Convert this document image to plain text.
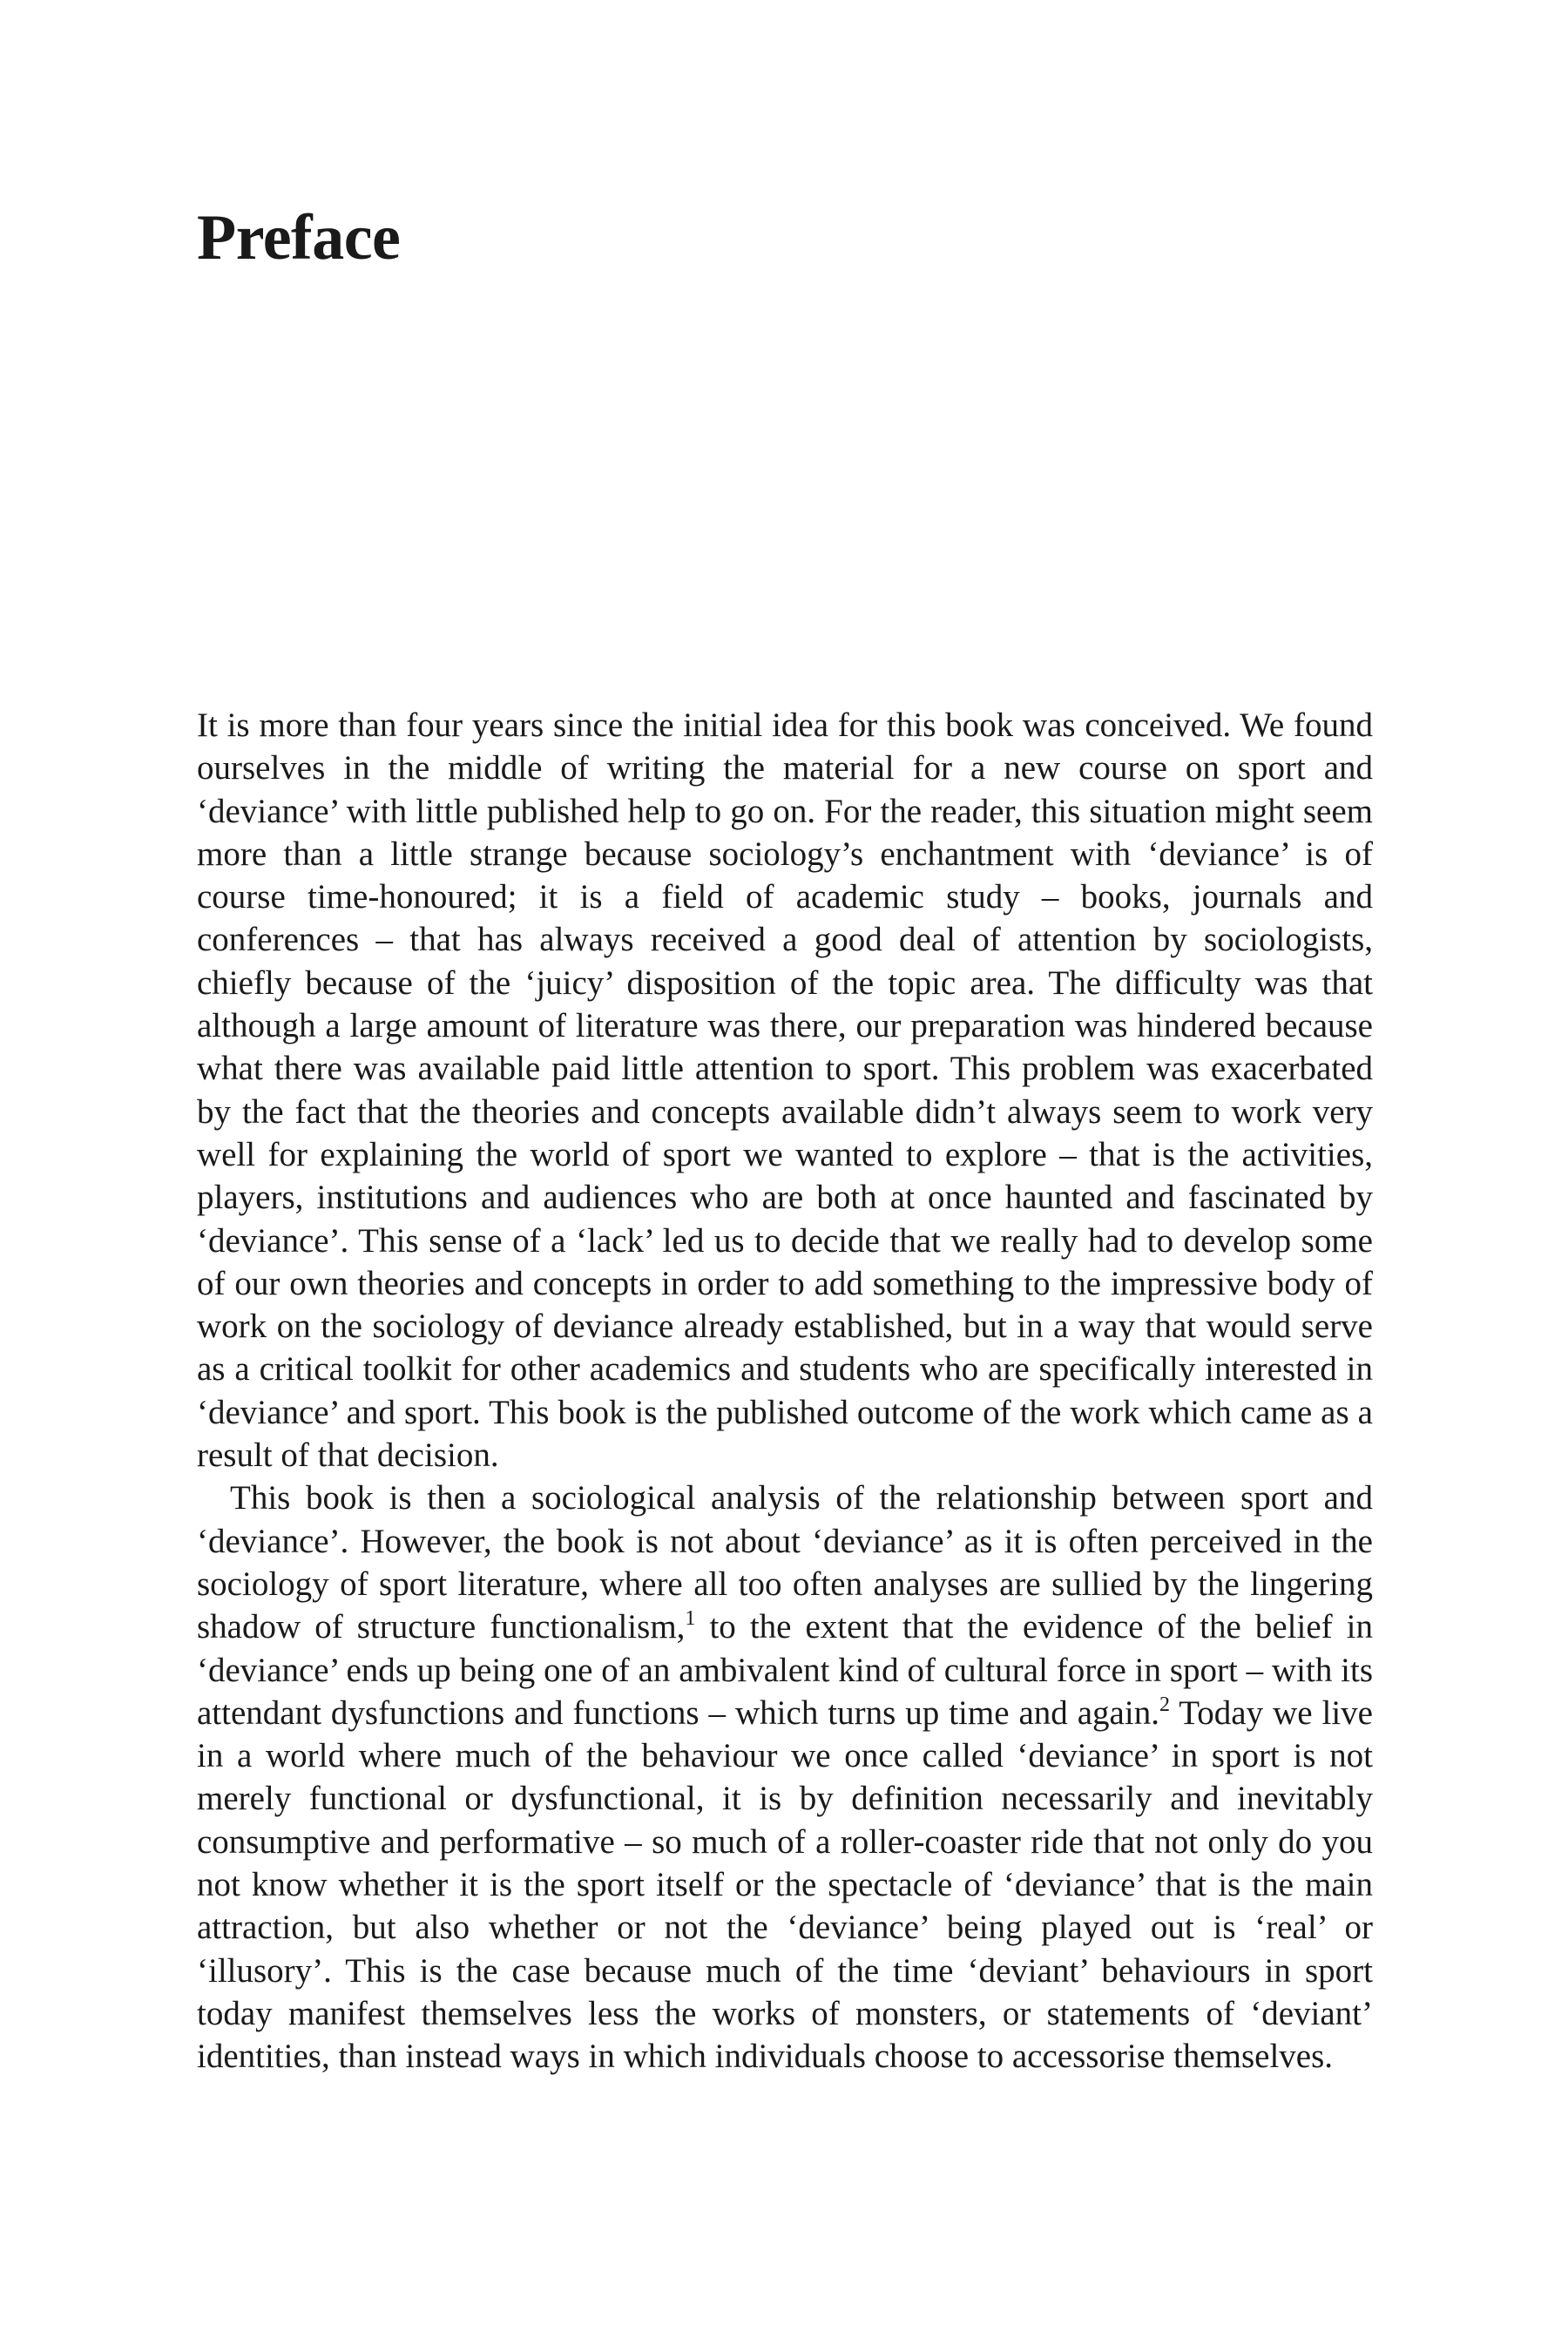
Preface

It is more than four years since the initial idea for this book was conceived. We found ourselves in the middle of writing the material for a new course on sport and ‘deviance’ with little published help to go on. For the reader, this situation might seem more than a little strange because sociology’s enchantment with ‘deviance’ is of course time-honoured; it is a field of academic study – books, journals and conferences – that has always received a good deal of attention by sociologists, chiefly because of the ‘juicy’ disposition of the topic area. The difficulty was that although a large amount of literature was there, our preparation was hindered because what there was available paid little attention to sport. This problem was exacerbated by the fact that the theories and concepts available didn’t always seem to work very well for explaining the world of sport we wanted to explore – that is the activities, players, institutions and audiences who are both at once haunted and fascinated by ‘deviance’. This sense of a ‘lack’ led us to decide that we really had to develop some of our own theories and concepts in order to add something to the impressive body of work on the sociology of deviance already established, but in a way that would serve as a critical toolkit for other academics and students who are specifically interested in ‘deviance’ and sport. This book is the published outcome of the work which came as a result of that decision.

This book is then a sociological analysis of the relationship between sport and ‘deviance’. However, the book is not about ‘deviance’ as it is often perceived in the sociology of sport literature, where all too often analyses are sullied by the lingering shadow of structure functionalism,$^1$ to the extent that the evidence of the belief in ‘deviance’ ends up being one of an ambivalent kind of cultural force in sport – with its attendant dysfunctions and functions – which turns up time and again.$^2$ Today we live in a world where much of the behaviour we once called ‘deviance’ in sport is not merely functional or dysfunctional, it is by definition necessarily and inevitably consumptive and performative – so much of a roller-coaster ride that not only do you not know whether it is the sport itself or the spectacle of ‘deviance’ that is the main attraction, but also whether or not the ‘deviance’ being played out is ‘real’ or ‘illusory’. This is the case because much of the time ‘deviant’ behaviours in sport today manifest themselves less the works of monsters, or statements of ‘deviant’ identities, than instead ways in which individuals choose to accessorise themselves.
